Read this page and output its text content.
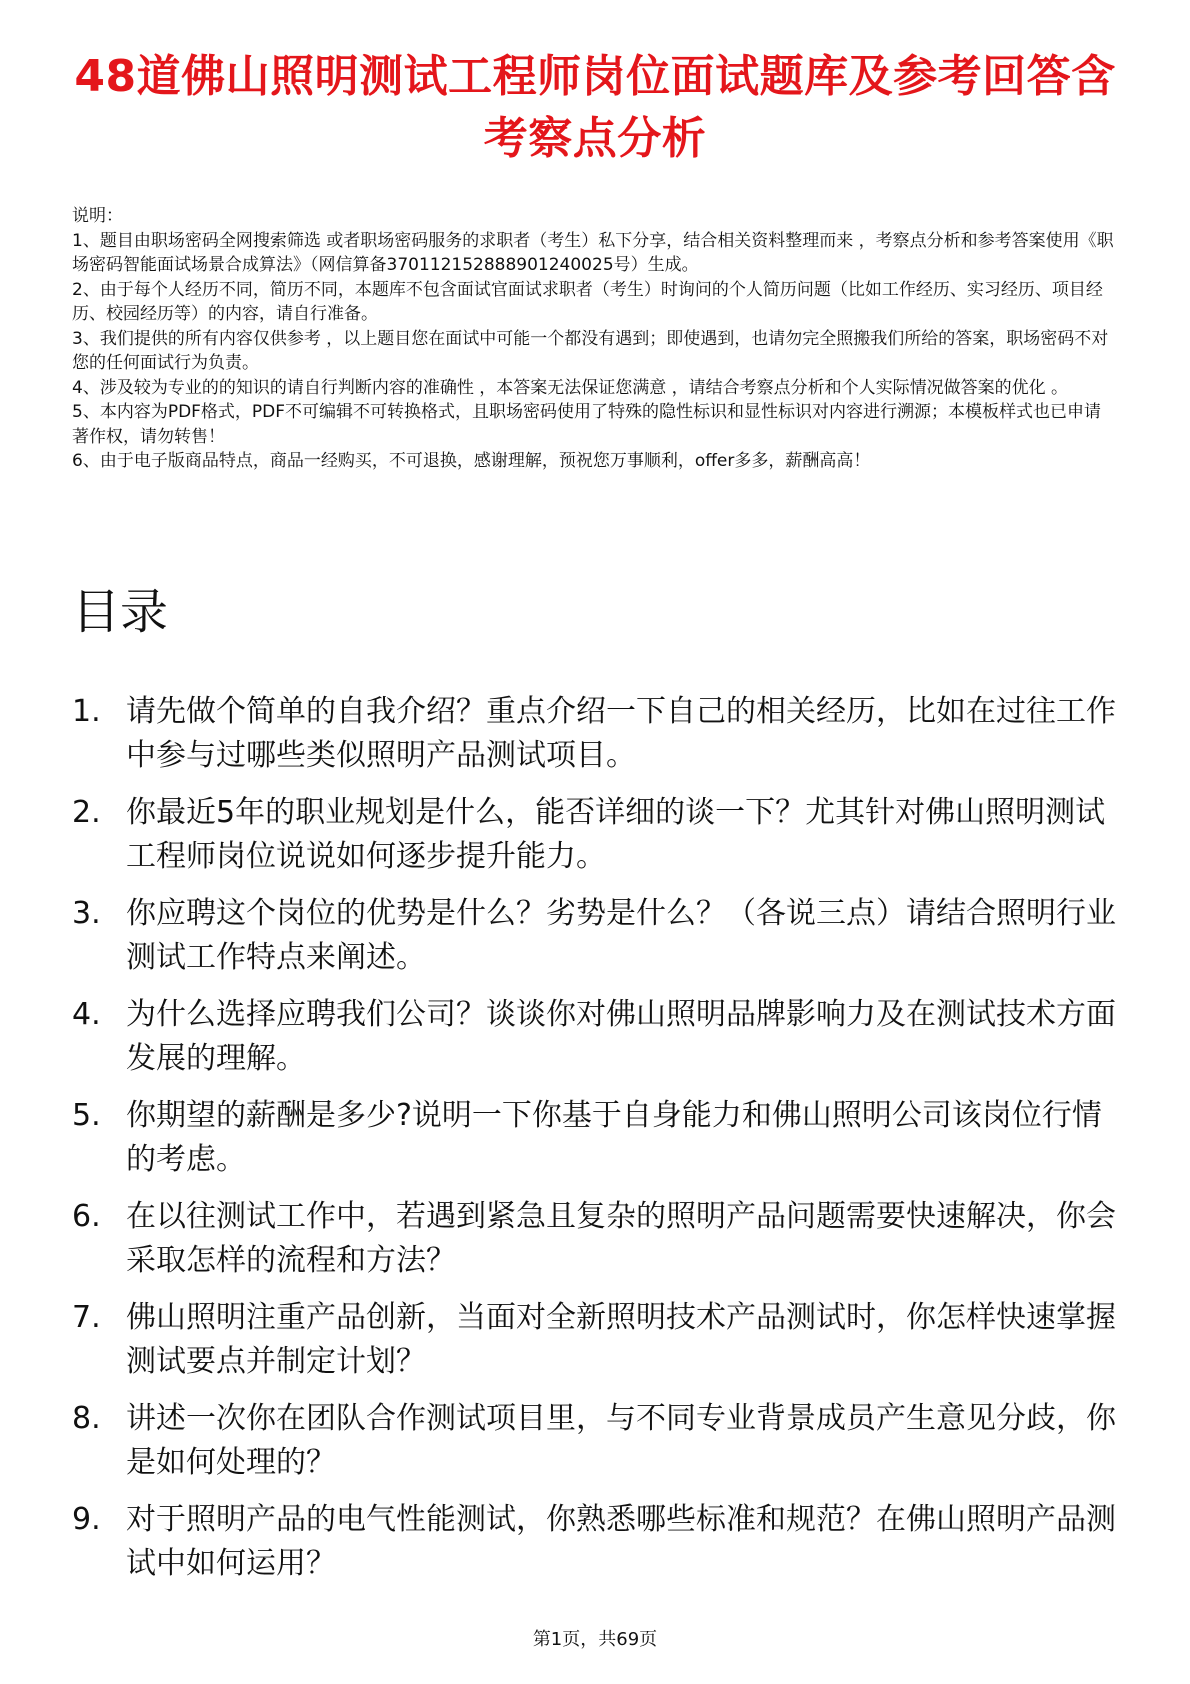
48道佛山照明测试工程师岗位面试题库及参考回答含考察点分析

说明：

1、题目由职场密码全网搜索筛选 或者职场密码服务的求职者（考生）私下分享，结合相关资料整理而来 ，考察点分析和参考答案使用《职场密码智能面试场景合成算法》（网信算备370112152888901240025号）生成。

2、由于每个人经历不同，简历不同，本题库不包含面试官面试求职者（考生）时询问的个人简历问题（比如工作经历、实习经历、项目经历、校园经历等）的内容，请自行准备。

3、我们提供的所有内容仅供参考 ，以上题目您在面试中可能一个都没有遇到；即使遇到，也请勿完全照搬我们所给的答案，职场密码不对您的任何面试行为负责。

4、涉及较为专业的的知识的请自行判断内容的准确性 ，本答案无法保证您满意 ，请结合考察点分析和个人实际情况做答案的优化 。

5、本内容为PDF格式，PDF不可编辑不可转换格式，且职场密码使用了特殊的隐性标识和显性标识对内容进行溯源；本模板样式也已申请著作权，请勿转售！

6、由于电子版商品特点，商品一经购买，不可退换，感谢理解，预祝您万事顺利，offer多多，薪酬高高！

目录
1. 请先做个简单的自我介绍？重点介绍一下自己的相关经历，比如在过往工作中参与过哪些类似照明产品测试项目。
2. 你最近5年的职业规划是什么，能否详细的谈一下？尤其针对佛山照明测试工程师岗位说说如何逐步提升能力。
3. 你应聘这个岗位的优势是什么？劣势是什么？（各说三点）请结合照明行业测试工作特点来阐述。
4. 为什么选择应聘我们公司？谈谈你对佛山照明品牌影响力及在测试技术方面发展的理解。
5. 你期望的薪酬是多少?说明一下你基于自身能力和佛山照明公司该岗位行情的考虑。
6. 在以往测试工作中，若遇到紧急且复杂的照明产品问题需要快速解决，你会采取怎样的流程和方法？
7. 佛山照明注重产品创新，当面对全新照明技术产品测试时，你怎样快速掌握测试要点并制定计划？
8. 讲述一次你在团队合作测试项目里，与不同专业背景成员产生意见分歧，你是如何处理的？
9. 对于照明产品的电气性能测试，你熟悉哪些标准和规范？在佛山照明产品测试中如何运用？
第1页，共69页
